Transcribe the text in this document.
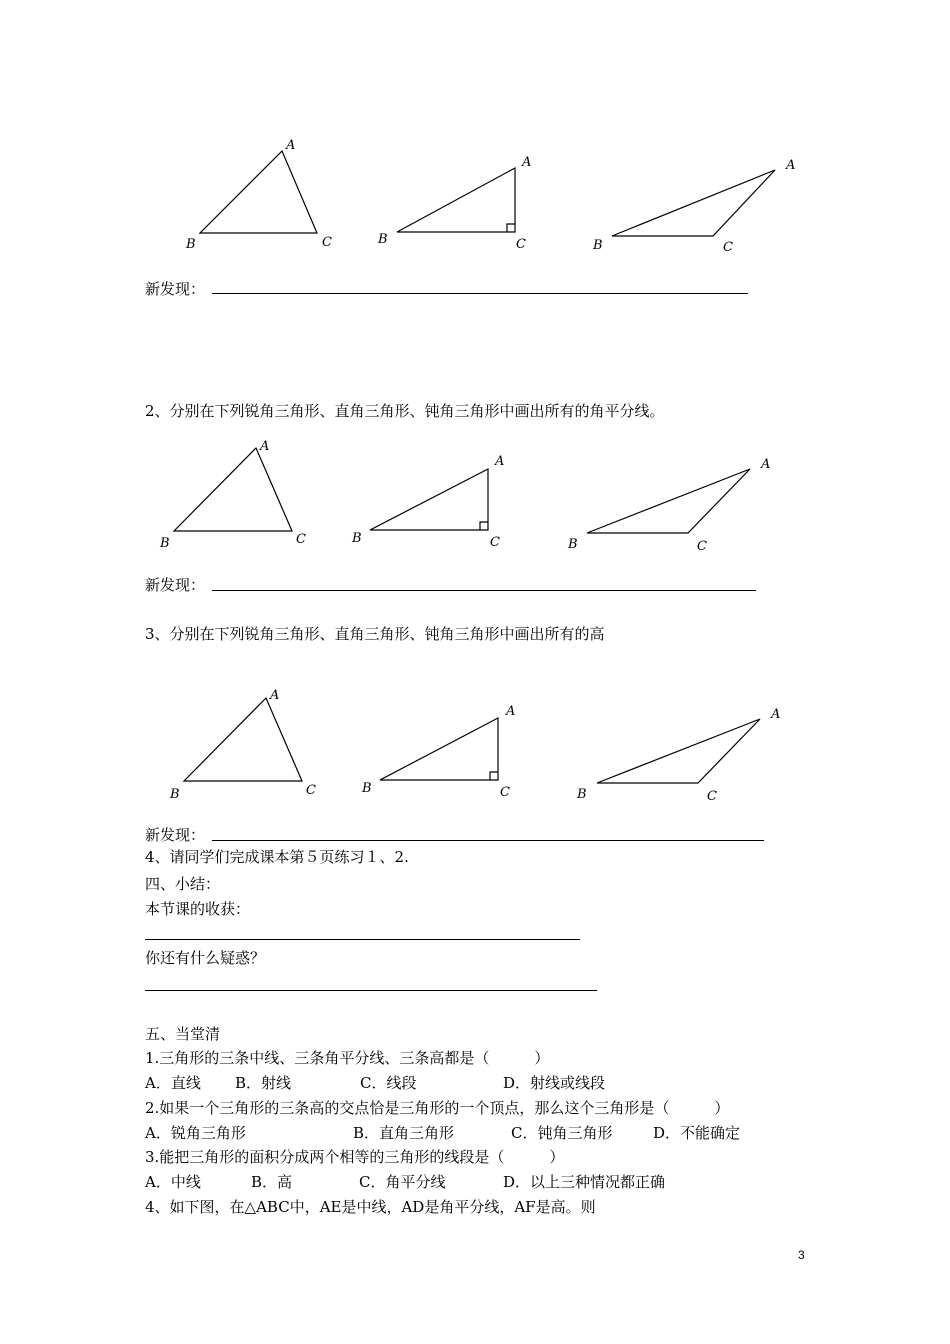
A
B	C
A
B	C
A
B	C
新发现：
2、分别在下列锐角三角形、直角三角形、钝角三角形中画出所有的角平分线。
A
B	C
A
B	C
A
B	C
新发现：
3、分别在下列锐角三角形、直角三角形、钝角三角形中画出所有的高
A
B	C
A
B	C
A
B	C
新发现：
4、请同学们完成课本第５页练习１、2.
四、小结：
本节课的收获：
你还有什么疑惑？
五、当堂清
1.三角形的三条中线、三条角平分线、三条高都是（　　　）
A．直线 B．射线	C．线段	D．射线或线段
2.如果一个三角形的三条高的交点恰是三角形的一个顶点，那么这个三角形是（　　　）
A．锐角三角形	B．直角三角形	C．钝角三角形	D．不能确定
3.能把三角形的面积分成两个相等的三角形的线段是（　　　）
A．中线	B．高	C．角平分线	D．以上三种情况都正确
4、如下图，在△ABC中，AE是中线，AD是角平分线，AF是高。则
3
